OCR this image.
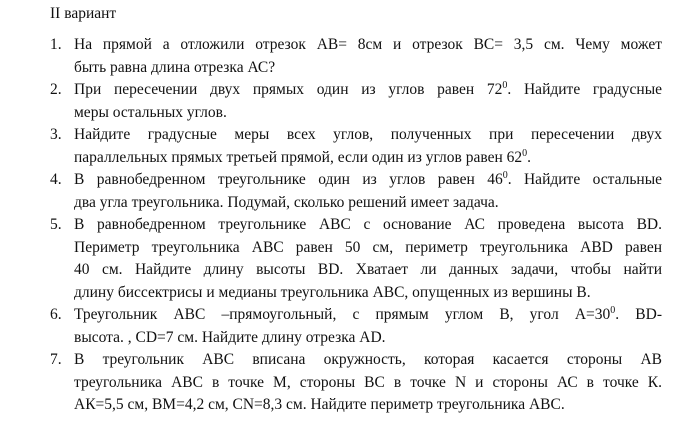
II вариант
1. На прямой а отложили отрезок АВ= 8см и отрезок ВС= 3,5 см. Чему может
быть равна длина отрезка АС?
2. При пересечении двух прямых один из углов равен $72^0$. Найдите градусные
меры остальных углов.
3. Найдите градусные меры всех углов, полученных при пересечении двух
параллельных прямых третьей прямой, если один из углов равен $62^0$.
4. В равнобедренном треугольнике один из углов равен $46^0$. Найдите остальные
два угла треугольника. Подумай, сколько решений имеет задача.
5. В равнобедренном треугольнике АВС с основание АС проведена высота BD.
Периметр треугольника АВС равен 50 см, периметр треугольника ABD равен
40 см. Найдите длину высоты BD. Хватает ли данных задачи, чтобы найти
длину биссектрисы и медианы треугольника АВС, опущенных из вершины В.
6. Треугольник АВС –прямоугольный, с прямым углом В, угол $А=30^0$. BD-
высота. , CD=7 см. Найдите длину отрезка AD.
7. В треугольник АВС вписана окружность, которая касается стороны АВ
треугольника АВС в точке М, стороны ВС в точке N и стороны АС в точке К.
АК=5,5 см, ВМ=4,2 см, СN=8,3 см. Найдите периметр треугольника АВС.
